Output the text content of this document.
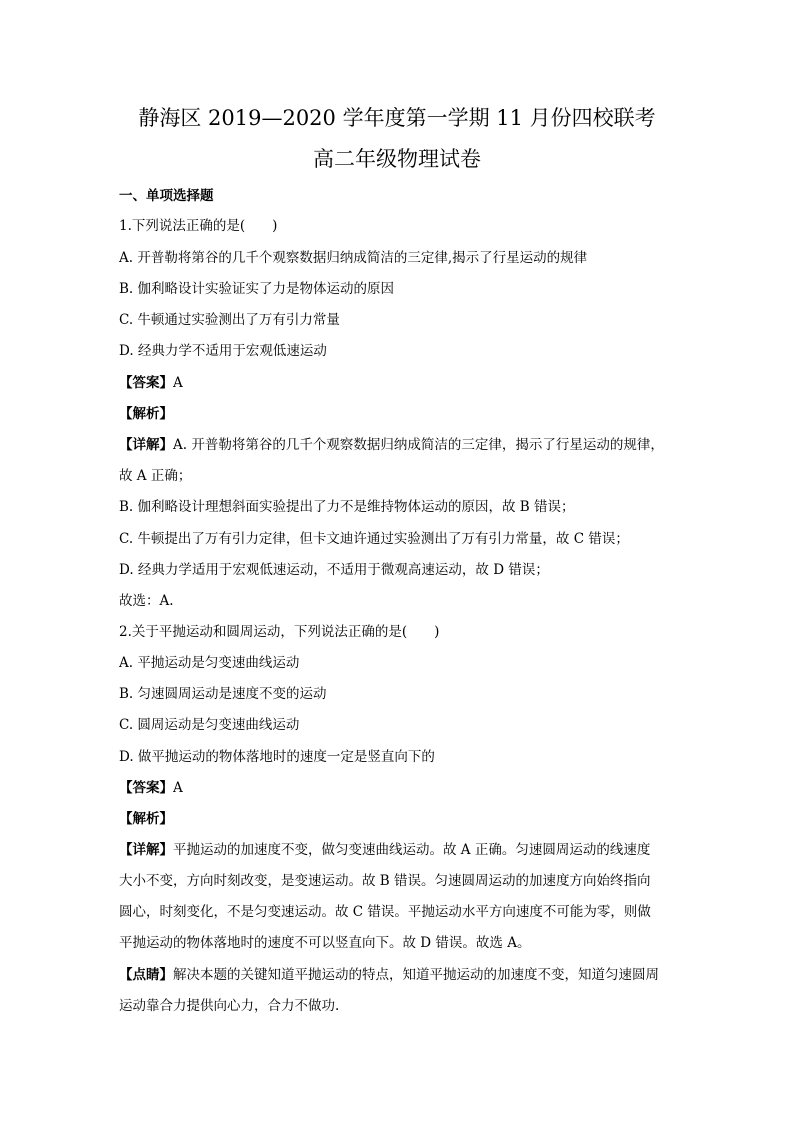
静海区 2019—2020 学年度第一学期 11 月份四校联考
高二年级物理试卷
一、单项选择题
1.下列说法正确的是(　　)
A. 开普勒将第谷的几千个观察数据归纳成简洁的三定律,揭示了行星运动的规律
B. 伽利略设计实验证实了力是物体运动的原因
C. 牛顿通过实验测出了万有引力常量
D. 经典力学不适用于宏观低速运动
【答案】A
【解析】
【详解】A. 开普勒将第谷的几千个观察数据归纳成简洁的三定律，揭示了行星运动的规律，
故 A 正确；
B. 伽利略设计理想斜面实验提出了力不是维持物体运动的原因，故 B 错误；
C. 牛顿提出了万有引力定律，但卡文迪许通过实验测出了万有引力常量，故 C 错误；
D. 经典力学适用于宏观低速运动，不适用于微观高速运动，故 D 错误；
故选：A.
2.关于平抛运动和圆周运动，下列说法正确的是(　　)
A. 平抛运动是匀变速曲线运动
B. 匀速圆周运动是速度不变的运动
C. 圆周运动是匀变速曲线运动
D. 做平抛运动的物体落地时的速度一定是竖直向下的
【答案】A
【解析】
【详解】平抛运动的加速度不变，做匀变速曲线运动。故 A 正确。匀速圆周运动的线速度
大小不变，方向时刻改变，是变速运动。故 B 错误。匀速圆周运动的加速度方向始终指向
圆心，时刻变化，不是匀变速运动。故 C 错误。平抛运动水平方向速度不可能为零，则做
平抛运动的物体落地时的速度不可以竖直向下。故 D 错误。故选 A。
【点睛】解决本题的关键知道平抛运动的特点，知道平抛运动的加速度不变，知道匀速圆周
运动靠合力提供向心力，合力不做功.
